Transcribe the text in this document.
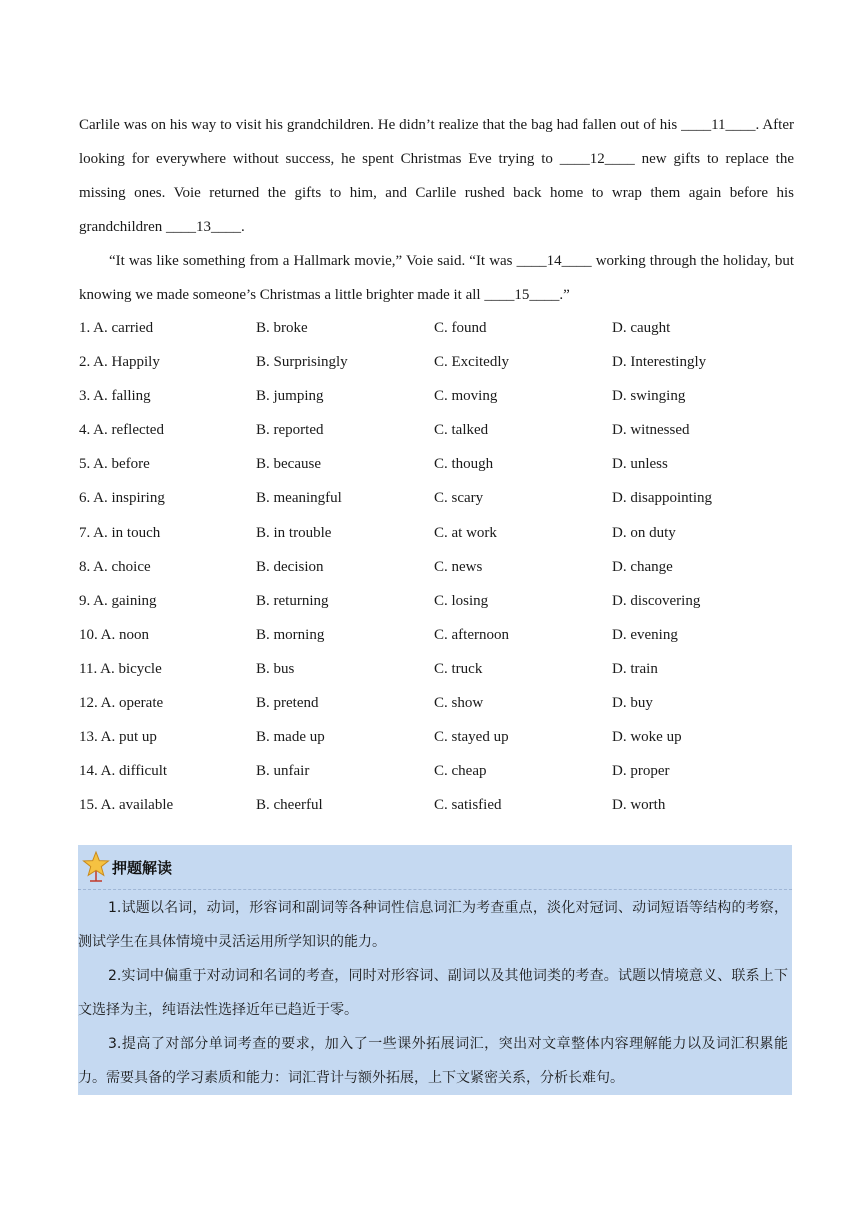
Carlile was on his way to visit his grandchildren. He didn’t realize that the bag had fallen out of his ____11____. After looking for everywhere without success, he spent Christmas Eve trying to ____12____ new gifts to replace the missing ones. Voie returned the gifts to him, and Carlile rushed back home to wrap them again before his grandchildren ____13____.

“It was like something from a Hallmark movie,” Voie said. “It was ____14____ working through the holiday, but knowing we made someone’s Christmas a little brighter made it all ____15____.”

1. A. carried	B. broke	C. found	D. caught
2. A. Happily	B. Surprisingly	C. Excitedly	D. Interestingly
3. A. falling	B. jumping	C. moving	D. swinging
4. A. reflected	B. reported	C. talked	D. witnessed
5. A. before	B. because	C. though	D. unless
6. A. inspiring	B. meaningful	C. scary	D. disappointing
7. A. in touch	B. in trouble	C. at work	D. on duty
8. A. choice	B. decision	C. news	D. change
9. A. gaining	B. returning	C. losing	D. discovering
10. A. noon	B. morning	C. afternoon	D. evening
11. A. bicycle	B. bus	C. truck	D. train
12. A. operate	B. pretend	C. show	D. buy
13. A. put up	B. made up	C. stayed up	D. woke up
14. A. difficult	B. unfair	C. cheap	D. proper
15. A. available	B. cheerful	C. satisfied	D. worth
押题解读

1.试题以名词，动词，形容词和副词等各种词性信息词汇为考查重点，淡化对冠词、动词短语等结构的考察，测试学生在具体情境中灵活运用所学知识的能力。

2.实词中偏重于对动词和名词的考查，同时对形容词、副词以及其他词类的考查。试题以情境意义、联系上下文选择为主，纯语法性选择近年已趋近于零。

3.提高了对部分单词考查的要求，加入了一些课外拓展词汇，突出对文章整体内容理解能力以及词汇积累能力。需要具备的学习素质和能力：词汇背计与额外拓展，上下文紧密关系，分析长难句。
